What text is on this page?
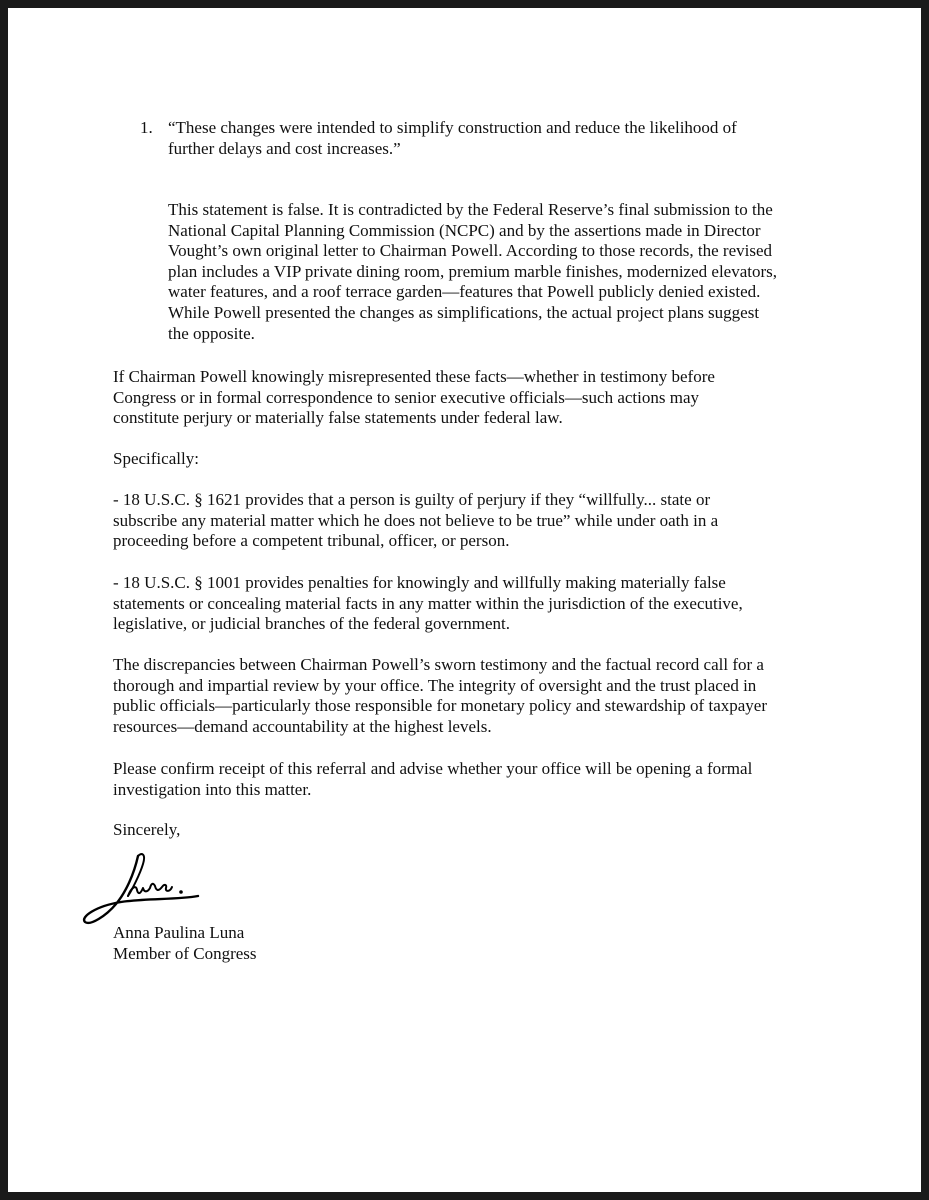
1. “These changes were intended to simplify construction and reduce the likelihood of
further delays and cost increases.”
This statement is false. It is contradicted by the Federal Reserve’s final submission to the
National Capital Planning Commission (NCPC) and by the assertions made in Director
Vought’s own original letter to Chairman Powell. According to those records, the revised
plan includes a VIP private dining room, premium marble finishes, modernized elevators,
water features, and a roof terrace garden—features that Powell publicly denied existed.
While Powell presented the changes as simplifications, the actual project plans suggest
the opposite.
If Chairman Powell knowingly misrepresented these facts—whether in testimony before
Congress or in formal correspondence to senior executive officials—such actions may
constitute perjury or materially false statements under federal law.
Specifically:
- 18 U.S.C. § 1621 provides that a person is guilty of perjury if they “willfully... state or
subscribe any material matter which he does not believe to be true” while under oath in a
proceeding before a competent tribunal, officer, or person.
- 18 U.S.C. § 1001 provides penalties for knowingly and willfully making materially false
statements or concealing material facts in any matter within the jurisdiction of the executive,
legislative, or judicial branches of the federal government.
The discrepancies between Chairman Powell’s sworn testimony and the factual record call for a
thorough and impartial review by your office. The integrity of oversight and the trust placed in
public officials—particularly those responsible for monetary policy and stewardship of taxpayer
resources—demand accountability at the highest levels.
Please confirm receipt of this referral and advise whether your office will be opening a formal
investigation into this matter.
Sincerely,
Anna Paulina Luna
Member of Congress
